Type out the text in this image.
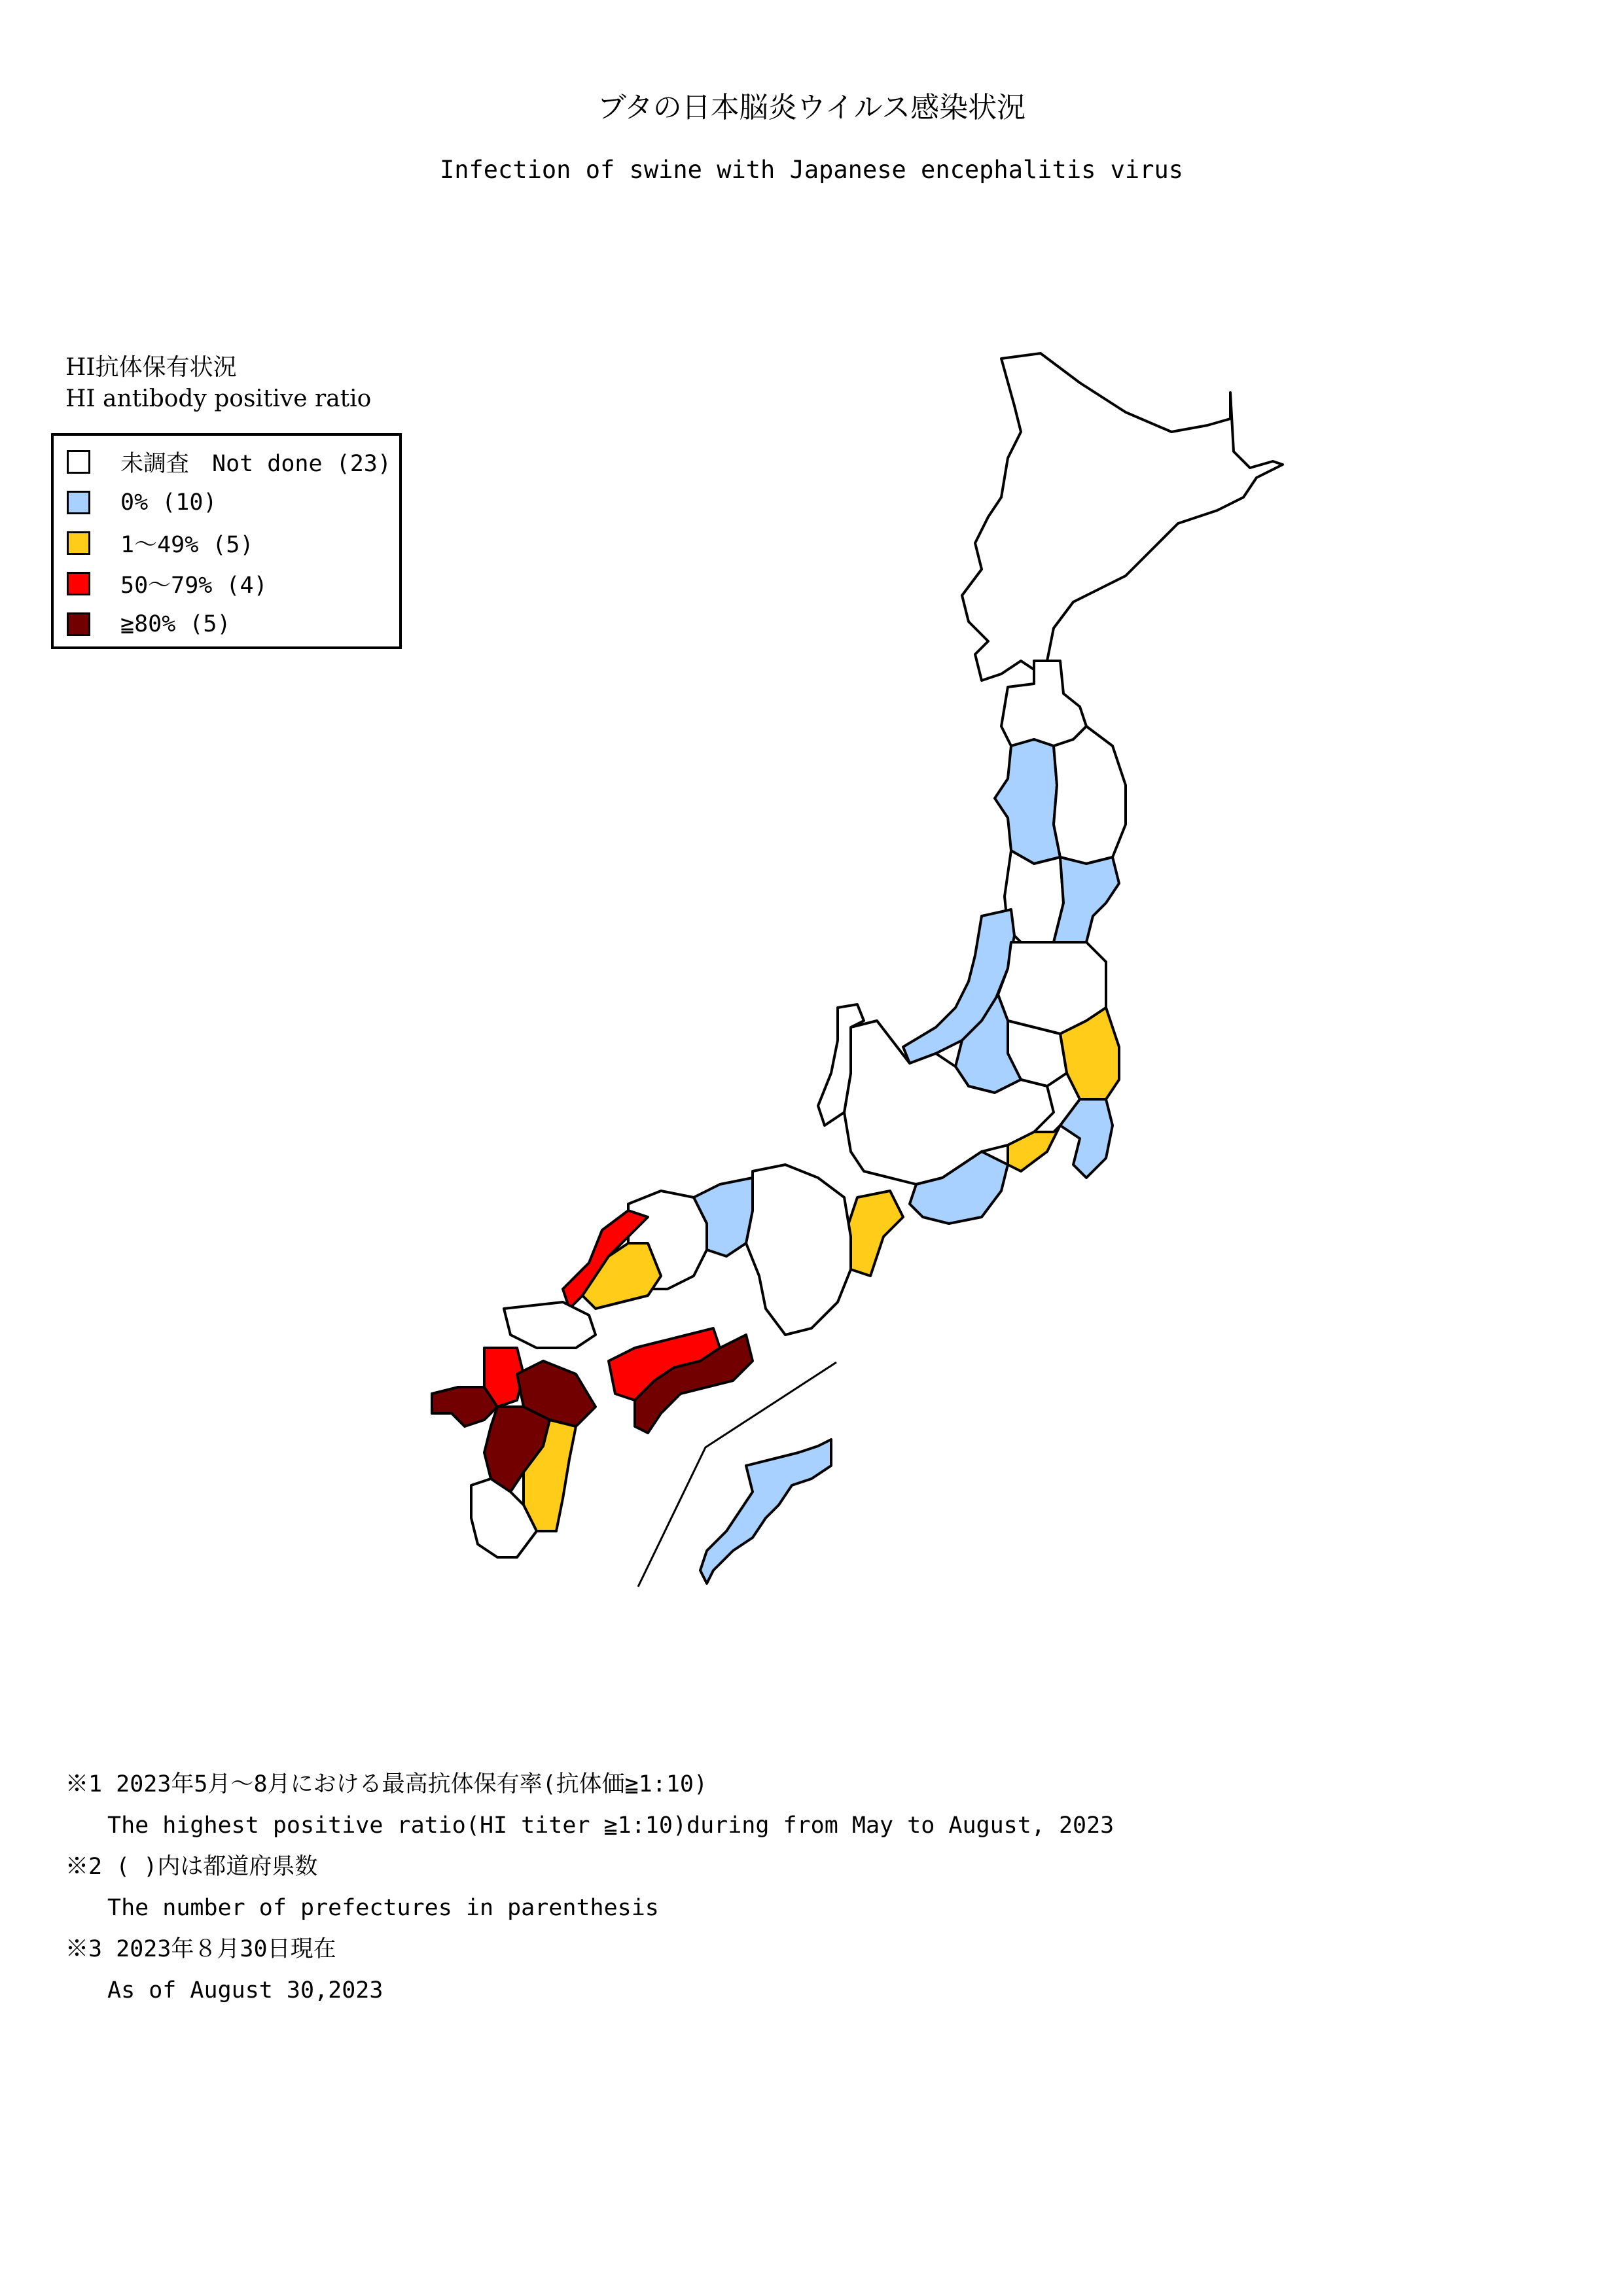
ブタの日本脳炎ウイルス感染状況
Infection of swine with Japanese encephalitis virus
HI抗体保有状況
HI antibody positive ratio
未調査　Not done (23)
0% (10)
1～49% (5)
50～79% (4)
≧80% (5)
※1 2023年5月～8月における最高抗体保有率(抗体価≧1:10)
The highest positive ratio(HI titer ≧1:10)during from May to August, 2023
※2 ( )内は都道府県数
The number of prefectures in parenthesis
※3 2023年８月30日現在
As of August 30,2023
